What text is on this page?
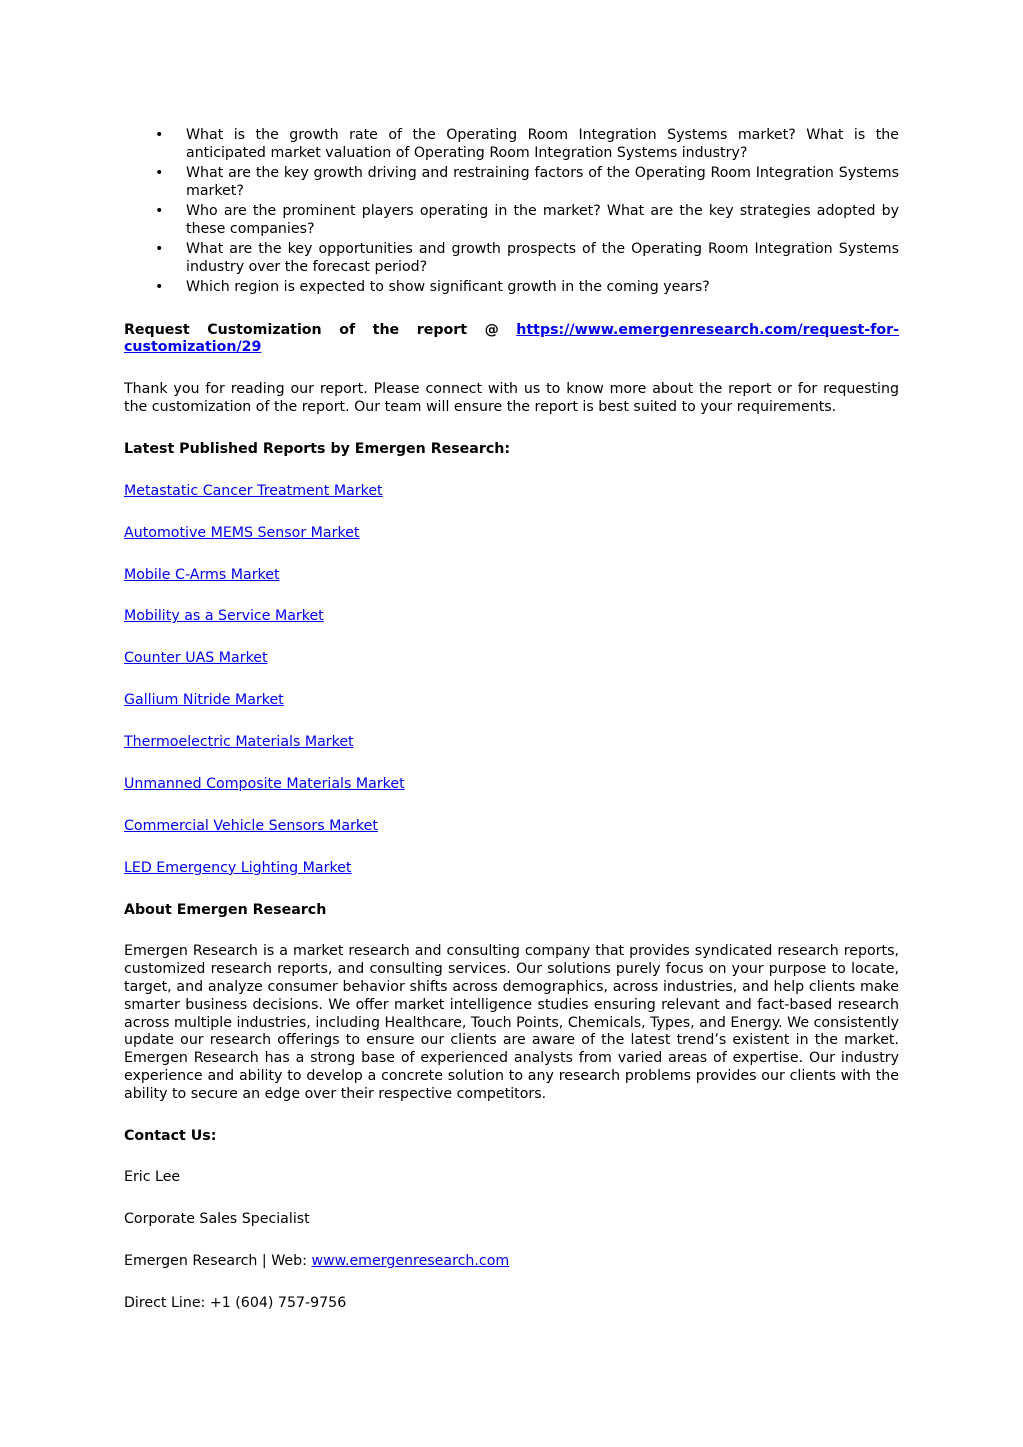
• What is the growth rate of the Operating Room Integration Systems market? What is the anticipated market valuation of Operating Room Integration Systems industry?
• What are the key growth driving and restraining factors of the Operating Room Integration Systems market?
• Who are the prominent players operating in the market? What are the key strategies adopted by these companies?
• What are the key opportunities and growth prospects of the Operating Room Integration Systems industry over the forecast period?
• Which region is expected to show significant growth in the coming years?

Request Customization of the report @ https://www.emergenresearch.com/request-for-customization/29

Thank you for reading our report. Please connect with us to know more about the report or for requesting the customization of the report. Our team will ensure the report is best suited to your requirements.

Latest Published Reports by Emergen Research:

Metastatic Cancer Treatment Market
Automotive MEMS Sensor Market
Mobile C-Arms Market
Mobility as a Service Market
Counter UAS Market
Gallium Nitride Market
Thermoelectric Materials Market
Unmanned Composite Materials Market
Commercial Vehicle Sensors Market
LED Emergency Lighting Market

About Emergen Research

Emergen Research is a market research and consulting company that provides syndicated research reports, customized research reports, and consulting services. Our solutions purely focus on your purpose to locate, target, and analyze consumer behavior shifts across demographics, across industries, and help clients make smarter business decisions. We offer market intelligence studies ensuring relevant and fact-based research across multiple industries, including Healthcare, Touch Points, Chemicals, Types, and Energy. We consistently update our research offerings to ensure our clients are aware of the latest trend’s existent in the market. Emergen Research has a strong base of experienced analysts from varied areas of expertise. Our industry experience and ability to develop a concrete solution to any research problems provides our clients with the ability to secure an edge over their respective competitors.

Contact Us:

Eric Lee

Corporate Sales Specialist

Emergen Research | Web: www.emergenresearch.com

Direct Line: +1 (604) 757-9756
